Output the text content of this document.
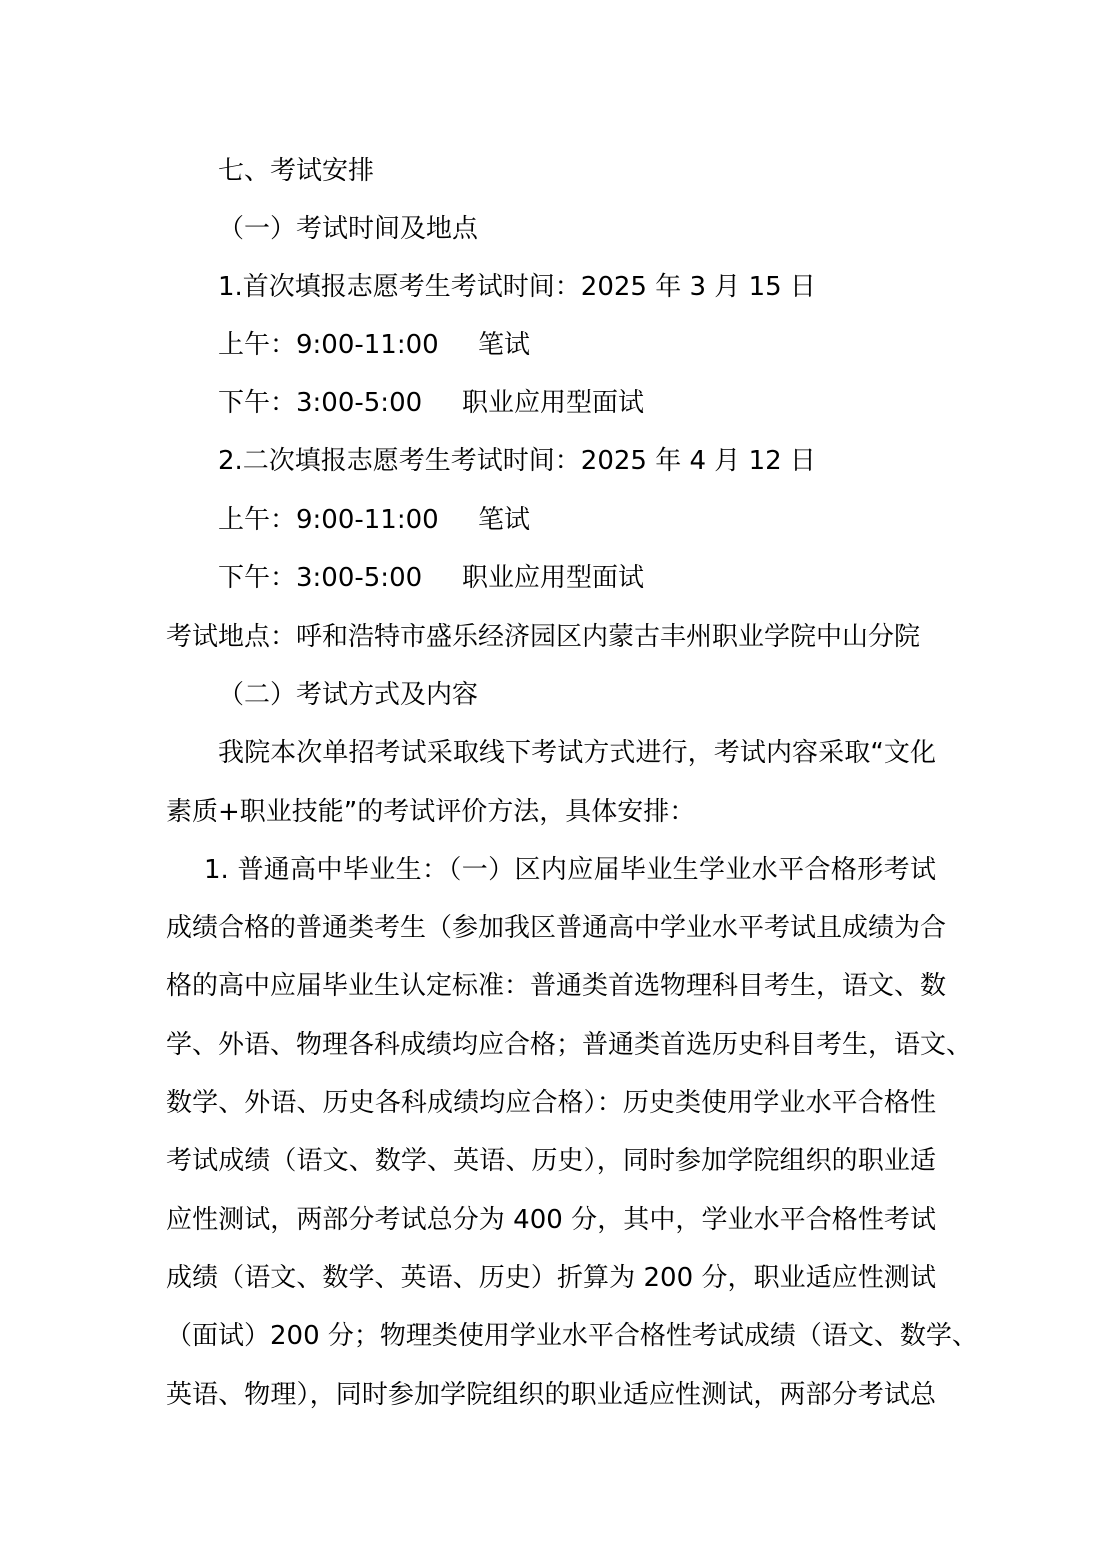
七、考试安排

（一）考试时间及地点

1.首次填报志愿考生考试时间：2025 年 3 月 15 日

上午：9:00-11:00 笔试

下午：3:00-5:00 职业应用型面试

2.二次填报志愿考生考试时间：2025 年 4 月 12 日

上午：9:00-11:00 笔试

下午：3:00-5:00 职业应用型面试

考试地点：呼和浩特市盛乐经济园区内蒙古丰州职业学院中山分院

（二）考试方式及内容

我院本次单招考试采取线下考试方式进行，考试内容采取“文化

素质+职业技能”的考试评价方法，具体安排：

1. 普通高中毕业生：（一）区内应届毕业生学业水平合格形考试

成绩合格的普通类考生（参加我区普通高中学业水平考试且成绩为合

格的高中应届毕业生认定标准：普通类首选物理科目考生，语文、数

学、外语、物理各科成绩均应合格；普通类首选历史科目考生，语文、

数学、外语、历史各科成绩均应合格）：历史类使用学业水平合格性

考试成绩（语文、数学、英语、历史），同时参加学院组织的职业适

应性测试，两部分考试总分为 400 分，其中，学业水平合格性考试

成绩（语文、数学、英语、历史）折算为 200 分，职业适应性测试

（面试）200 分；物理类使用学业水平合格性考试成绩（语文、数学、

英语、物理），同时参加学院组织的职业适应性测试，两部分考试总
